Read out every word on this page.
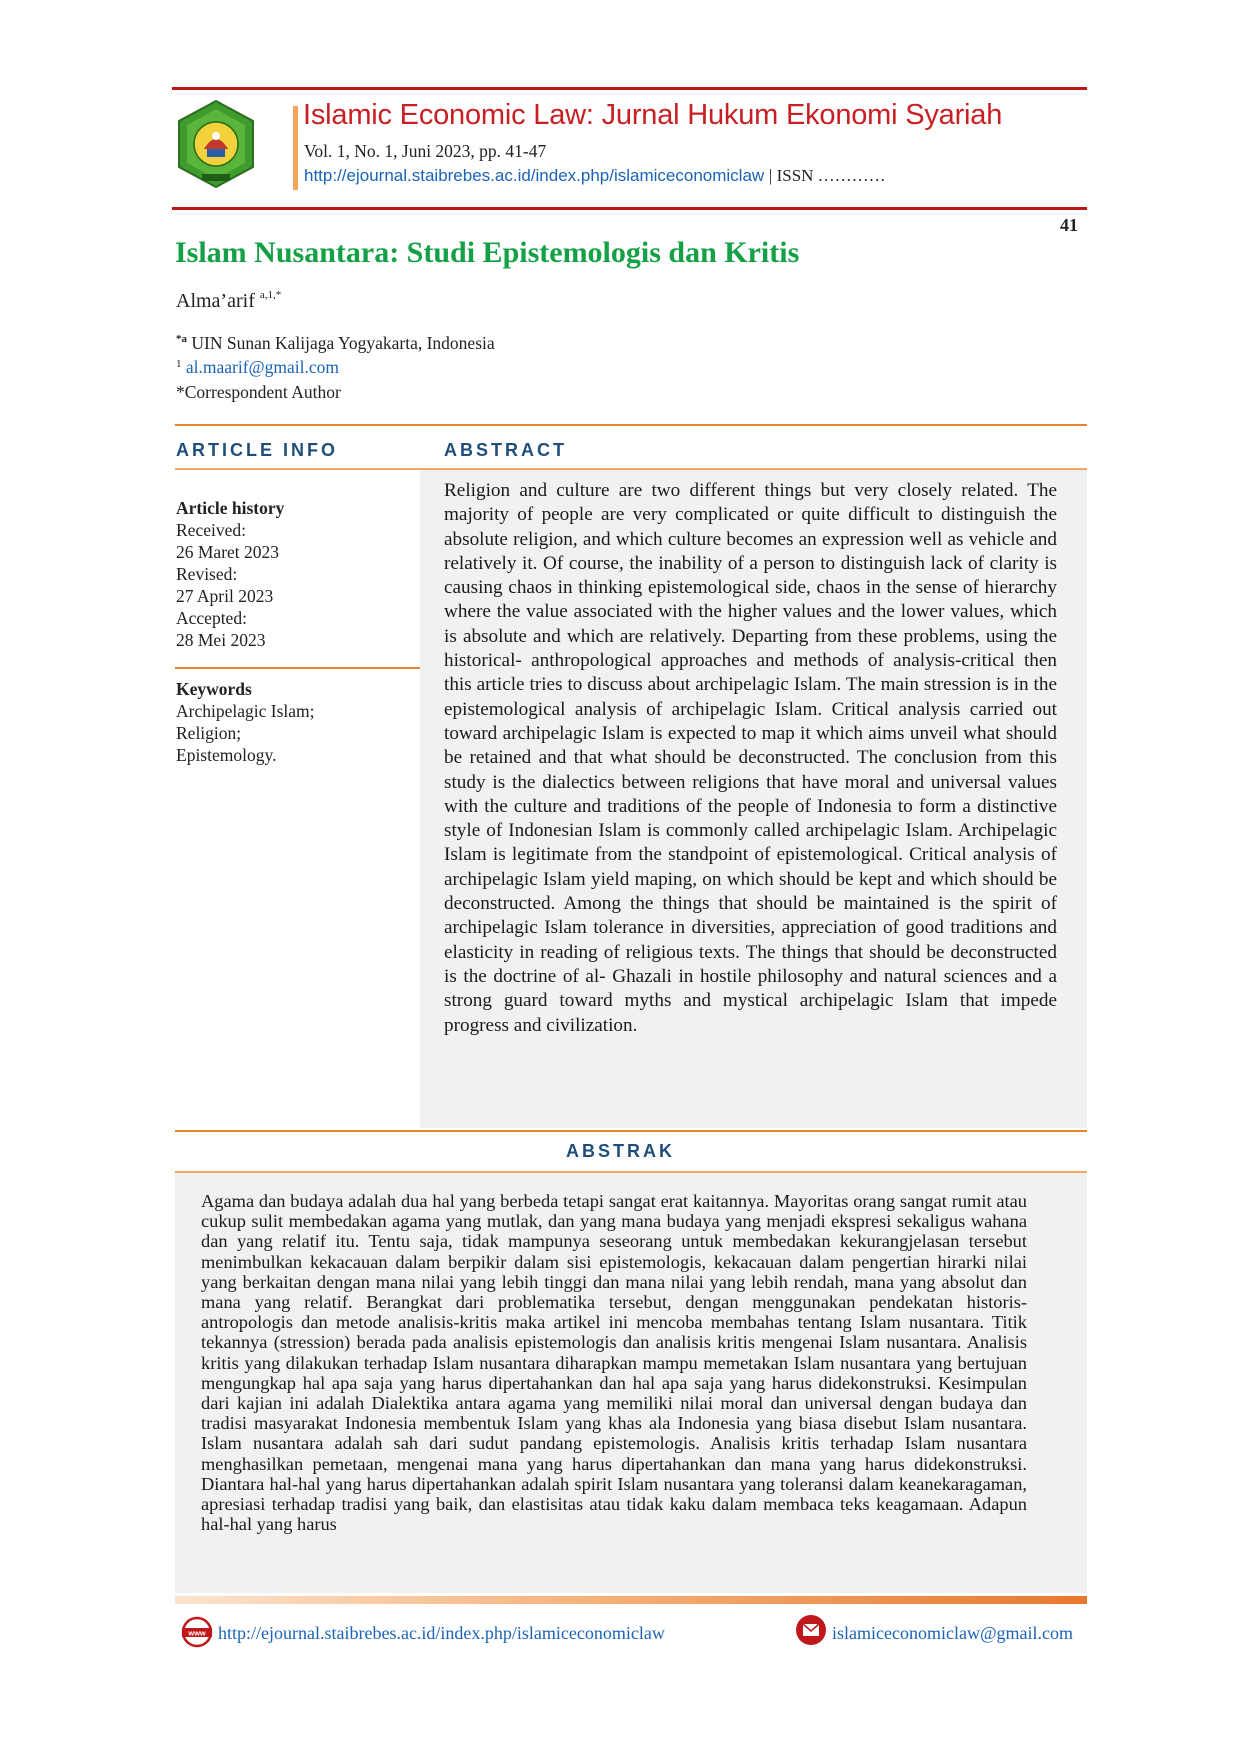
Islamic Economic Law: Jurnal Hukum Ekonomi Syariah
Vol. 1, No. 1, Juni 2023, pp. 41-47
http://ejournal.staibrebes.ac.id/index.php/islamiceconomiclaw | ISSN …………
41
Islam Nusantara: Studi Epistemologis dan Kritis
Alma’arif $^{a,1,*}$
$^{*a}$ UIN Sunan Kalijaga Yogyakarta, Indonesia
$^1$ al.maarif@gmail.com
*Correspondent Author
ARTICLE INFO	ABSTRACT
Article history
Received:
26 Maret 2023
Revised:
27 April 2023
Accepted:
28 Mei 2023
Keywords
Archipelagic Islam;
Religion;
Epistemology.
Religion and culture are two different things but very closely related. The majority of people are very complicated or quite difficult to distinguish the absolute religion, and which culture becomes an expression well as vehicle and relatively it. Of course, the inability of a person to distinguish lack of clarity is causing chaos in thinking epistemological side, chaos in the sense of hierarchy where the value associated with the higher values and the lower values, which is absolute and which are relatively. Departing from these problems, using the historical- anthropological approaches and methods of analysis-critical then this article tries to discuss about archipelagic Islam. The main stression is in the epistemological analysis of archipelagic Islam. Critical analysis carried out toward archipelagic Islam is expected to map it which aims unveil what should be retained and that what should be deconstructed. The conclusion from this study is the dialectics between religions that have moral and universal values with the culture and traditions of the people of Indonesia to form a distinctive style of Indonesian Islam is commonly called archipelagic Islam. Archipelagic Islam is legitimate from the standpoint of epistemological. Critical analysis of archipelagic Islam yield maping, on which should be kept and which should be deconstructed. Among the things that should be maintained is the spirit of archipelagic Islam tolerance in diversities, appreciation of good traditions and elasticity in reading of religious texts. The things that should be deconstructed is the doctrine of al- Ghazali in hostile philosophy and natural sciences and a strong guard toward myths and mystical archipelagic Islam that impede progress and civilization.
ABSTRAK
Agama dan budaya adalah dua hal yang berbeda tetapi sangat erat kaitannya. Mayoritas orang sangat rumit atau cukup sulit membedakan agama yang mutlak, dan yang mana budaya yang menjadi ekspresi sekaligus wahana dan yang relatif itu. Tentu saja, tidak mampunya seseorang untuk membedakan kekurangjelasan tersebut menimbulkan kekacauan dalam berpikir dalam sisi epistemologis, kekacauan dalam pengertian hirarki nilai yang berkaitan dengan mana nilai yang lebih tinggi dan mana nilai yang lebih rendah, mana yang absolut dan mana yang relatif. Berangkat dari problematika tersebut, dengan menggunakan pendekatan historis-antropologis dan metode analisis-kritis maka artikel ini mencoba membahas tentang Islam nusantara. Titik tekannya (stression) berada pada analisis epistemologis dan analisis kritis mengenai Islam nusantara. Analisis kritis yang dilakukan terhadap Islam nusantara diharapkan mampu memetakan Islam nusantara yang bertujuan mengungkap hal apa saja yang harus dipertahankan dan hal apa saja yang harus didekonstruksi. Kesimpulan dari kajian ini adalah Dialektika antara agama yang memiliki nilai moral dan universal dengan budaya dan tradisi masyarakat Indonesia membentuk Islam yang khas ala Indonesia yang biasa disebut Islam nusantara. Islam nusantara adalah sah dari sudut pandang epistemologis. Analisis kritis terhadap Islam nusantara menghasilkan pemetaan, mengenai mana yang harus dipertahankan dan mana yang harus didekonstruksi. Diantara hal-hal yang harus dipertahankan adalah spirit Islam nusantara yang toleransi dalam keanekaragaman, apresiasi terhadap tradisi yang baik, dan elastisitas atau tidak kaku dalam membaca teks keagamaan. Adapun hal-hal yang harus
www http://ejournal.staibrebes.ac.id/index.php/islamiceconomiclaw	islamiceconomiclaw@gmail.com
